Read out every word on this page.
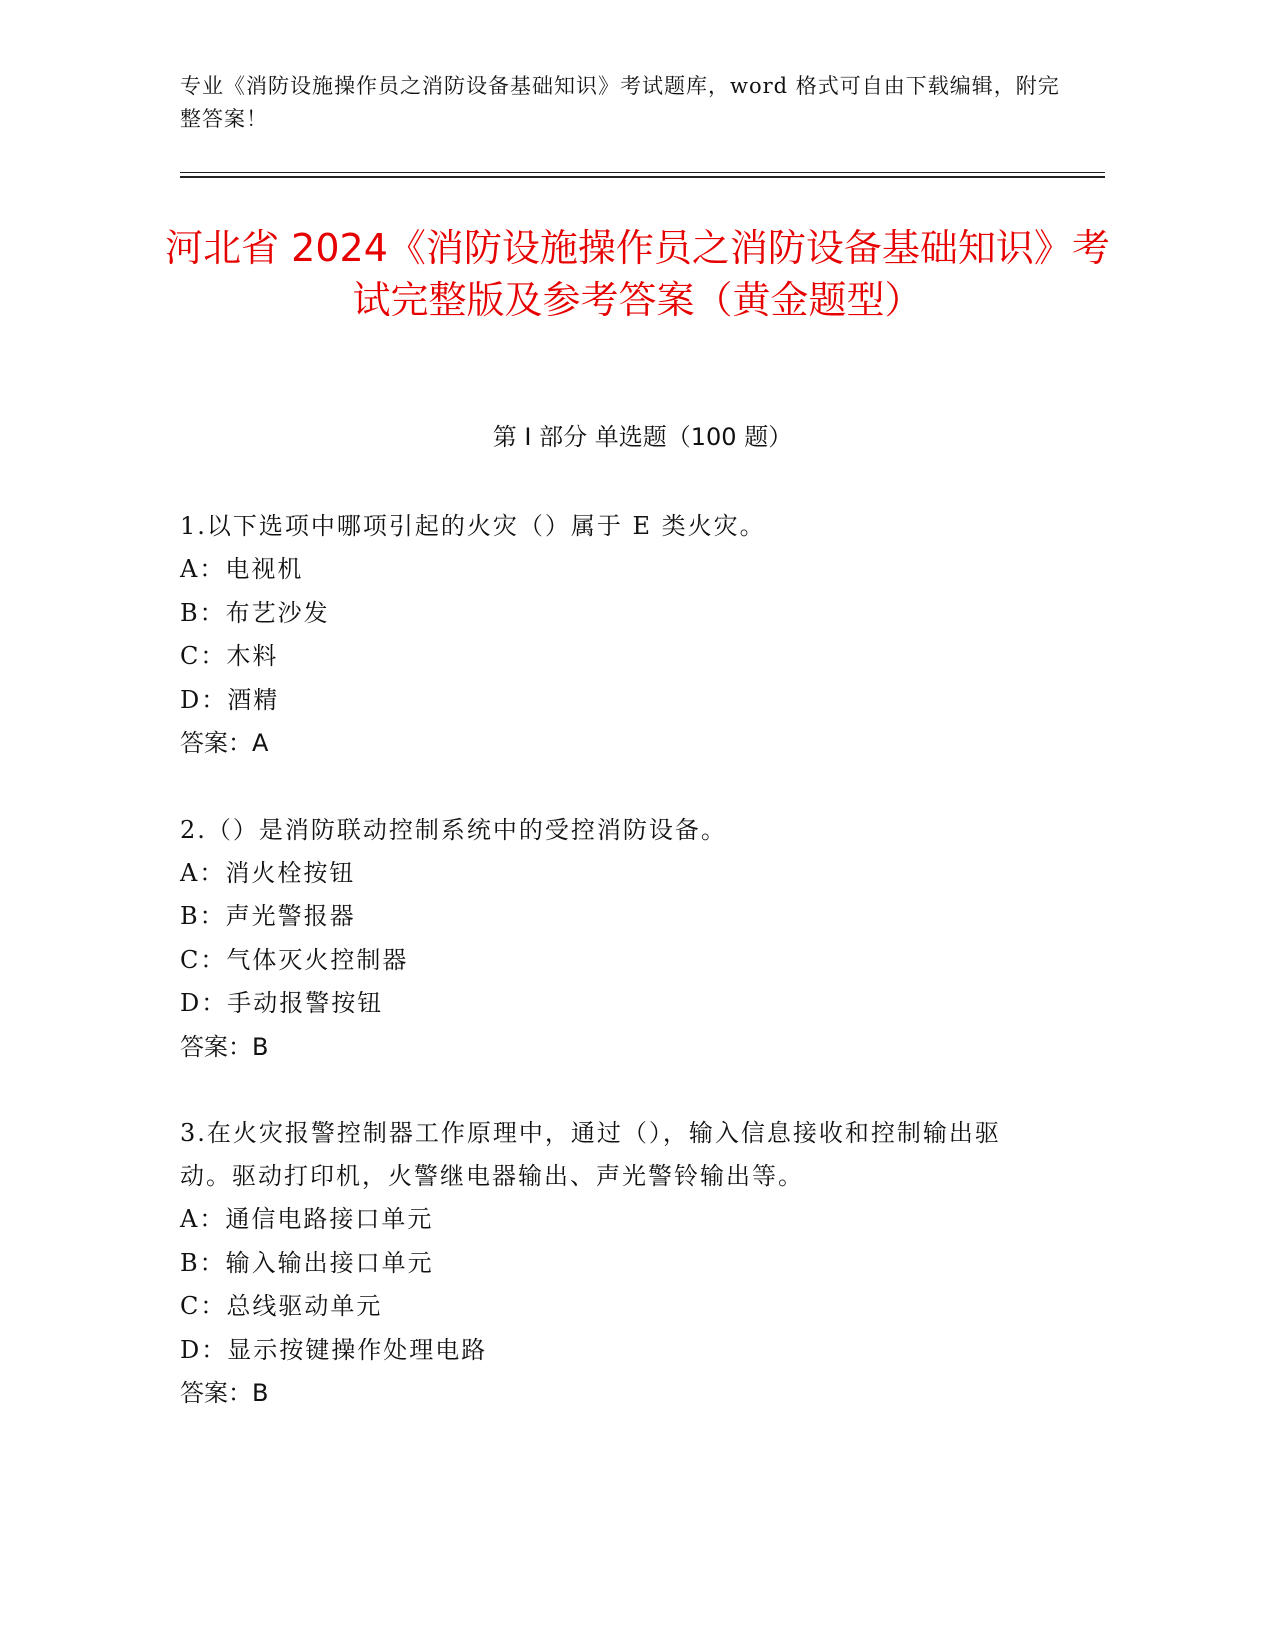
专业《消防设施操作员之消防设备基础知识》考试题库，word 格式可自由下载编辑，附完整答案！
河北省 2024《消防设施操作员之消防设备基础知识》考试完整版及参考答案（黄金题型）
第 I 部分 单选题（100 题）
1.以下选项中哪项引起的火灾（）属于 E 类火灾。
A：电视机
B：布艺沙发
C：木料
D：酒精
答案：A
2.（）是消防联动控制系统中的受控消防设备。
A：消火栓按钮
B：声光警报器
C：气体灭火控制器
D：手动报警按钮
答案：B
3.在火灾报警控制器工作原理中，通过（），输入信息接收和控制输出驱动。驱动打印机，火警继电器输出、声光警铃输出等。
A：通信电路接口单元
B：输入输出接口单元
C：总线驱动单元
D：显示按键操作处理电路
答案：B
